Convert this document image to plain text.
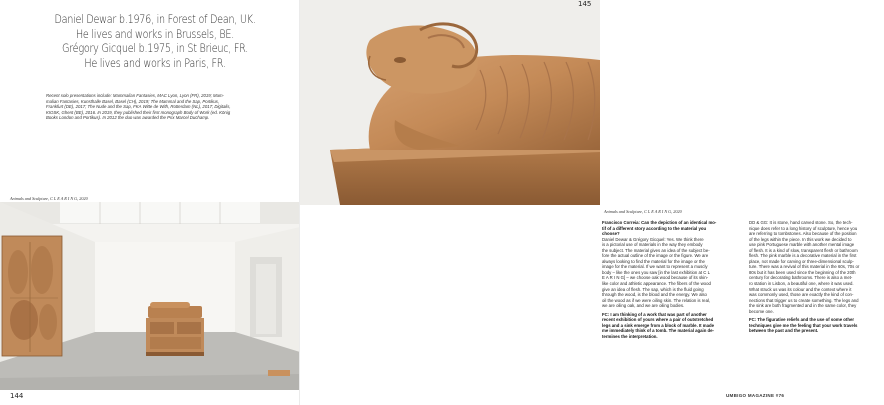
Daniel Dewar b.1976, in Forest of Dean, UK.
He lives and works in Brussels, BE.
Grégory Gicquel b.1975, in St Brieuc, FR.
He lives and works in Paris, FR.
Recent solo presentations include: Mammalian Fantasies, MAC Lyon, Lyon (FR), 2019; Mam-
malian Fantasies, Kunsthalle Basel, Basel (CH), 2019; The Mammal and the Sap, Portikus,
Frankfurt (DE), 2017; The Nude and the Sap, FKA Witte de With, Rotterdam (NL), 2017; Digitalis,
KIOSK, Ghent (BE), 2016. In 2019, they published their first monograph Body of Work (ed. König
Books London and Portikus). In 2012 the duo was awarded the Prix Marcel Duchamp.
Animals and Sculpture, C L E A R I N G, 2020
144
Animals and Sculpture, C L E A R I N G, 2020
Francisco Correia: Can the depiction of an identical mo-
tif of a different story according to the material you
choose?
Daniel Dewar & Grégory Gicquel: Yes. We think there
is a pictorial use of materials in the way they embody
the subject. The material gives an idea of the subject be-
fore the actual outline of the image or the figure. We are
always looking to find the material for the image or the
image for the material. If we want to represent a muscly
body – like the ones you saw [in the last exhibition at C L
E A R I N G] – we choose oak wood because of its skin-
like color and athletic appearance. The fibers of the wood
give an idea of flesh. The sap, which is the fluid going
through the wood, is the blood and the energy. We also
oil the wood as if we were oiling skin. The relation is real,
we are oiling oak, and we are oiling bodies.
FC: I am thinking of a work that was part of another
recent exhibition of yours where a pair of outstretched
legs and a sink emerge from a block of marble. It made
me immediately think of a tomb. The material again de-
termines the interpretation.
DD & GG: It is stone, hand carved stone. So, the tech-
nique does refer to a long history of sculpture, hence you
are referring to tombstones. Also because of the position
of the legs within the piece. In this work we decided to
use pink Portuguese marble with another mental image
of flesh. It is a kind of slow, transparent flesh or bathroom
flesh. The pink marble is a decorative material in the first
place, not made for carving or three-dimensional sculp-
ture. There was a revival of this material in the 60s, 70s or
80s but it has been used since the beginning of the 20th
century for decorating bathrooms. There is also a met-
ro station in Lisbon, a beautiful one, where it was used.
What struck us was its colour and the context where it
was commonly used, those are exactly the kind of con-
nections that trigger us to create something. The legs and
the sink are both fragmented and in the same color, they
become one.
FC: The figurative reliefs and the use of some other
techniques give me the feeling that your work travels
between the past and the present.
UMBIGO MAGAZINE #76
145
